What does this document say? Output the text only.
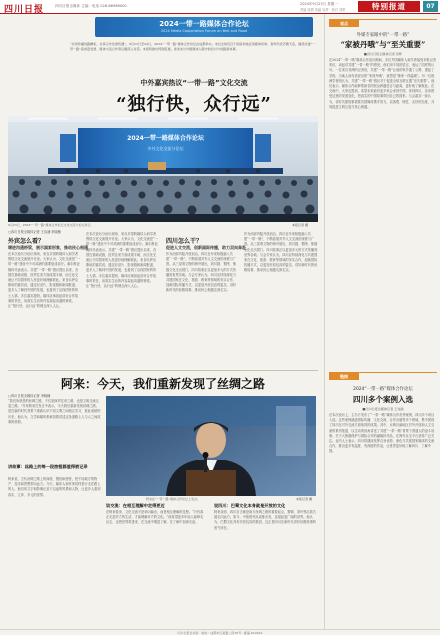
四川日报	四川日报全媒体 主编 · 电话 028-86968000
2024年9月23日 星期一
责编 周倩 美编 吴梦 · 校对 刘思	特别报道	07
2024一带一路媒体合作论坛
2024 Media Cooperation Forum on Belt and Road
“共同传播丝路精彩，共享合作发展机遇”。9月23日至24日，2024“一带一路”媒体合作论坛在成都举办。来自全球近百个国家和地区的媒体机构、智库代表齐聚天府，围绕共建“一带一路”高质量发展、媒体交流合作等议题深入对话。本报特推出特别报道，讲述来川外国媒体人眼中的四川与丝路新故事。
中外嘉宾热议“一带一路”文化交流
“独行快，众行远”
2024一带一路媒体合作论坛
中外文化交流分论坛
9月23日，2024“一带一路”媒体合作论坛文化交流分论坛举行。	本报记者 摄
□四川日报全媒体记者 王诗涵 李晓楠
外宾怎么看？
增进沟通桥梁，展示国家形象，推动民心相通
在本次论坛分论坛现场，来自多国的媒体人和学者围绕文化交流展开讨论。大家认为，文化交流是“一带一路”建设中不可或缺的重要组成部分。塞尔维亚媒体代表表示，共建“一带一路”倡议提出以来，各国在基础设施、经贸往来方面成果丰硕，而文化交流让不同国家的人民更好地理解彼此。来自哈萨克斯坦的嘉宾说，通过纪录片、影视剧和新闻报道，更多人了解到中国的发展，也看到了沿线国家的风土人情。多位嘉宾提到，媒体应承担起讲好合作故事的责任，用真实生动的内容架起沟通的桥梁，让“独行快，众行远”的理念深入人心。
在本次论坛分论坛现场，来自多国的媒体人和学者围绕文化交流展开讨论。大家认为，文化交流是“一带一路”建设中不可或缺的重要组成部分。塞尔维亚媒体代表表示，共建“一带一路”倡议提出以来，各国在基础设施、经贸往来方面成果丰硕，而文化交流让不同国家的人民更好地理解彼此。来自哈萨克斯坦的嘉宾说，通过纪录片、影视剧和新闻报道，更多人了解到中国的发展，也看到了沿线国家的风土人情。多位嘉宾提到，媒体应承担起讲好合作故事的责任，用真实生动的内容架起沟通的桥梁，让“独行快，众行远”的理念深入人心。
四川怎么干？
促进人文交流，创新国际传播，助力双向奔赴
作为西部内陆开放前沿，四川近年来积极融入共建“一带一路”，不断拓展对外人文交流的深度与广度。从三星堆文物的海外展出，到川剧、蜀绣、熊猫文化走出国门，四川故事正以更加多元的方式传播到世界各地。与会专家认为，四川应持续深化与共建国家在文化、旅游、教育等领域的务实合作，创新国际传播方式，以更加开放包容的姿态，讲好新时代的丝路故事，推动民心相通走深走实。
作为西部内陆开放前沿，四川近年来积极融入共建“一带一路”，不断拓展对外人文交流的深度与广度。从三星堆文物的海外展出，到川剧、蜀绣、熊猫文化走出国门，四川故事正以更加多元的方式传播到世界各地。与会专家认为，四川应持续深化与共建国家在文化、旅游、教育等领域的务实合作，创新国际传播方式，以更加开放包容的姿态，讲好新时代的丝路故事，推动民心相通走深走实。
阿来：今天，我们重新发现了丝绸之路
□四川日报全媒体记者 李晓楠
“我们所熟悉的丝绸之路，不仅是商贸往来之路，也是文明交流互鉴之路。”作家阿来在发言中表示，今天我们重新发现丝绸之路，是在新的时代背景下重新认识不同文明之间相互学习、彼此成就的历史。他认为，文学和媒体都承担着讲述这条道路上人与人之间故事的使命。
讲故事：丝路上的每一段旅程都值得被记录
阿来说，古代丝绸之路上的商旅、僧侣和使者，把不同地方的物产、技术和思想带向远方。今天，媒体人和作家同样是行走在路上的人，他们用文字和影像记录下沿途的风景和人物，让更多人看到真实、立体、多元的世界。
阿来在“一带一路”媒体合作论坛上发言。	本报记者 摄
谈交流：在相互理解中走得更近
在阿来看来，文化交流不是单向输出，而是相互理解的过程。“只有真正走进对方的生活，才能理解对方的文化。”他希望更多年轻人能够走出去，也把世界带进来，在交流中增进了解，在了解中加深友谊。
说四川：巴蜀文化本身就是开放的文化
阿来谈到，四川自古就是南方丝绸之路的重要起点，蜀锦、茶叶等沿着古道走向远方。如今，中欧班列从成都出发，连接起更广阔的世界。他认为，巴蜀文化具有开放包容的基因，这正是四川在新时代讲好丝路故事的底气所在。
观点
外媒专家眼中的“一带一路”
“家被丹哦”与“至关重要”
■四川日报全媒体记者 吴梦
在2024“一带一路”媒体合作论坛期间，多位外国媒体人和学者接受本报记者采访，谈起对共建“一带一路”的感受。他们用不同的语言，表达了同样的认可。一位来自非洲的记者说，共建“一带一路”让他的家乡通了公路、建起了学校，当地人用母语说出的“家被丹哦”，意思是“像家一样温暖”。另一位欧洲学者则认为，共建“一带一路”倡议对于促进全球互联互通“至关重要”。他们表示，媒体合作能够帮助各国民众跨越语言与距离，更好地了解彼此。在交流中，大家也提到，希望未来能有更多机会来到中国、来到四川，亲身感受这里的发展变化，把真实的中国故事带回自己的国家。与会嘉宾一致认为，讲好共建故事需要各国媒体携手努力，以客观、理性、友好的态度，共同促进文明互鉴与民心相通。
链接
2024“一带一路”媒体合作论坛
四川多个案例入选
■四川日报全媒体记者 王诗涵
在本次论坛上，主办方发布了“一带一路”媒体合作优秀案例，四川多个项目入选。这些案例涵盖国际传播、文化交流、合作出版等多个领域，集中展现了四川在对外交流方面取得的成果。其中，反映川渝地区对外开放和人文交流的系列报道，以生动的视角讲述了共建“一带一路”背景下普通人的奋斗故事；关于大熊猫保护与国际合作的融媒体作品，在海外社交平台获得广泛关注。业内人士表示，四川将继续发挥自身优势，深化与共建国家媒体的交流合作，推出更多有温度、有深度的作品，让世界更好地了解四川、了解中国。
四川日报社出版 · 地址：成都市红星路二段70号 · 邮编 610012
